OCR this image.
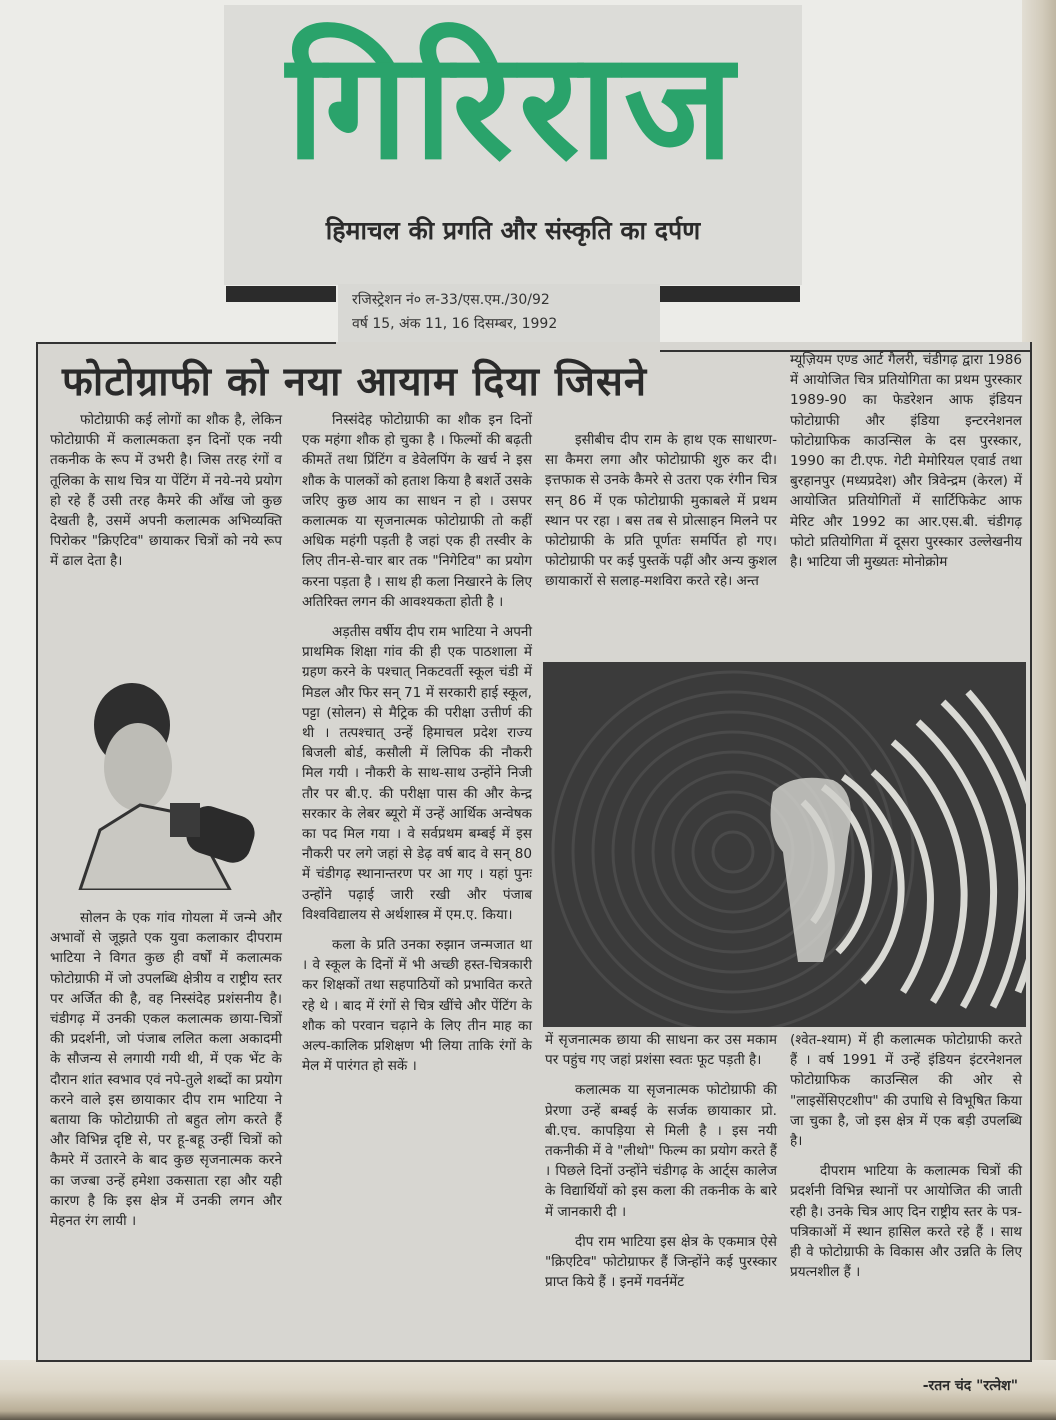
गिरिराज
हिमाचल की प्रगति और संस्कृति का दर्पण
रजिस्ट्रेशन नं० ल-33/एस.एम./30/92
वर्ष 15, अंक 11, 16 दिसम्बर, 1992
फोटोग्राफी को नया आयाम दिया जिसने

फोटोग्राफी कई लोगों का शौक है, लेकिन फोटोग्राफी में कलात्मकता इन दिनों एक नयी तकनीक के रूप में उभरी है। जिस तरह रंगों व तूलिका के साथ चित्र या पेंटिंग में नये-नये प्रयोग हो रहे हैं उसी तरह कैमरे की आँख जो कुछ देखती है, उसमें अपनी कलात्मक अभिव्यक्ति पिरोकर "क्रिएटिव" छायाकर चित्रों को नये रूप में ढाल देता है।

सोलन के एक गांव गोयला में जन्मे और अभावों से जूझते एक युवा कलाकार दीपराम भाटिया ने विगत कुछ ही वर्षों में कलात्मक फोटोग्राफी में जो उपलब्धि क्षेत्रीय व राष्ट्रीय स्तर पर अर्जित की है, वह निस्संदेह प्रशंसनीय है। चंडीगढ़ में उनकी एकल कलात्मक छाया-चित्रों की प्रदर्शनी, जो पंजाब ललित कला अकादमी के सौजन्य से लगायी गयी थी, में एक भेंट के दौरान शांत स्वभाव एवं नपे-तुले शब्दों का प्रयोग करने वाले इस छायाकार दीप राम भाटिया ने बताया कि फोटोग्राफी तो बहुत लोग करते हैं और विभिन्न दृष्टि से, पर हू-बहू उन्हीं चित्रों को कैमरे में उतारने के बाद कुछ सृजनात्मक करने का जज्बा उन्हें हमेशा उकसाता रहा और यही कारण है कि इस क्षेत्र में उनकी लगन और मेहनत रंग लायी ।

निस्संदेह फोटोग्राफी का शौक इन दिनों एक महंगा शौक हो चुका है । फिल्मों की बढ़ती कीमतें तथा प्रिंटिंग व डेवेलपिंग के खर्च ने इस शौक के पालकों को हताश किया है बशर्ते उसके जरिए कुछ आय का साधन न हो । उसपर कलात्मक या सृजनात्मक फोटोग्राफी तो कहीं अधिक महंगी पड़ती है जहां एक ही तस्वीर के लिए तीन-से-चार बार तक "निगेटिव" का प्रयोग करना पड़ता है । साथ ही कला निखारने के लिए अतिरिक्त लगन की आवश्यकता होती है ।

अड़तीस वर्षीय दीप राम भाटिया ने अपनी प्राथमिक शिक्षा गांव की ही एक पाठशाला में ग्रहण करने के पश्चात् निकटवर्ती स्कूल चंडी में मिडल और फिर सन् 71 में सरकारी हाई स्कूल, पट्टा (सोलन) से मैट्रिक की परीक्षा उत्तीर्ण की थी । तत्पश्चात् उन्हें हिमाचल प्रदेश राज्य बिजली बोर्ड, कसौली में लिपिक की नौकरी मिल गयी । नौकरी के साथ-साथ उन्होंने निजी तौर पर बी.ए. की परीक्षा पास की और केन्द्र सरकार के लेबर ब्यूरो में उन्हें आर्थिक अन्वेषक का पद मिल गया । वे सर्वप्रथम बम्बई में इस नौकरी पर लगे जहां से डेढ़ वर्ष बाद वे सन् 80 में चंडीगढ़ स्थानान्तरण पर आ गए । यहां पुनः उन्होंने पढ़ाई जारी रखी और पंजाब विश्वविद्यालय से अर्थशास्त्र में एम.ए. किया।

कला के प्रति उनका रुझान जन्मजात था । वे स्कूल के दिनों में भी अच्छी हस्त-चित्रकारी कर शिक्षकों तथा सहपाठियों को प्रभावित करते रहे थे । बाद में रंगों से चित्र खींचे और पेंटिंग के शौक को परवान चढ़ाने के लिए तीन माह का अल्प-कालिक प्रशिक्षण भी लिया ताकि रंगों के मेल में पारंगत हो सकें ।

इसीबीच दीप राम के हाथ एक साधारण-सा कैमरा लगा और फोटोग्राफी शुरु कर दी। इत्तफाक से उनके कैमरे से उतरा एक रंगीन चित्र सन् 86 में एक फोटोग्राफी मुकाबले में प्रथम स्थान पर रहा । बस तब से प्रोत्साहन मिलने पर फोटोग्राफी के प्रति पूर्णतः समर्पित हो गए। फोटोग्राफी पर कई पुस्तकें पढ़ीं और अन्य कुशल छायाकारों से सलाह-मशविरा करते रहे। अन्त

म्यूज़ियम एण्ड आर्ट गैलरी, चंडीगढ़ द्वारा 1986 में आयोजित चित्र प्रतियोगिता का प्रथम पुरस्कार 1989-90 का फेडरेशन आफ इंडियन फोटोग्राफी और इंडिया इन्टरनेशनल फोटोग्राफिक काउन्सिल के दस पुरस्कार, 1990 का टी.एफ. गेटी मेमोरियल एवार्ड तथा बुरहानपुर (मध्यप्रदेश) और त्रिवेन्द्रम (केरल) में आयोजित प्रतियोगितों में सार्टिफिकेट आफ मेरिट और 1992 का आर.एस.बी. चंडीगढ़ फोटो प्रतियोगिता में दूसरा पुरस्कार उल्लेखनीय है। भाटिया जी मुख्यतः मोनोक्रोम

में सृजनात्मक छाया की साधना कर उस मकाम पर पहुंच गए जहां प्रशंसा स्वतः फूट पड़ती है।

कलात्मक या सृजनात्मक फोटोग्राफी की प्रेरणा उन्हें बम्बई के सर्जक छायाकार प्रो. बी.एच. कापड़िया से मिली है । इस नयी तकनीकी में वे "लीथो" फिल्म का प्रयोग करते हैं । पिछले दिनों उन्होंने चंडीगढ़ के आर्ट्स कालेज के विद्यार्थियों को इस कला की तकनीक के बारे में जानकारी दी ।

दीप राम भाटिया इस क्षेत्र के एकमात्र ऐसे "क्रिएटिव" फोटोग्राफर हैं जिन्होंने कई पुरस्कार प्राप्त किये हैं । इनमें गवर्नमेंट

(श्वेत-श्याम) में ही कलात्मक फोटोग्राफी करते हैं । वर्ष 1991 में उन्हें इंडियन इंटरनेशनल फोटोग्राफिक काउन्सिल की ओर से "लाइसेंसिएटशीप" की उपाधि से विभूषित किया जा चुका है, जो इस क्षेत्र में एक बड़ी उपलब्धि है।

दीपराम भाटिया के कलात्मक चित्रों की प्रदर्शनी विभिन्न स्थानों पर आयोजित की जाती रही है। उनके चित्र आए दिन राष्ट्रीय स्तर के पत्र-पत्रिकाओं में स्थान हासिल करते रहे हैं । साथ ही वे फोटोग्राफी के विकास और उन्नति के लिए प्रयत्नशील हैं ।

-रतन चंद "रत्नेश"
